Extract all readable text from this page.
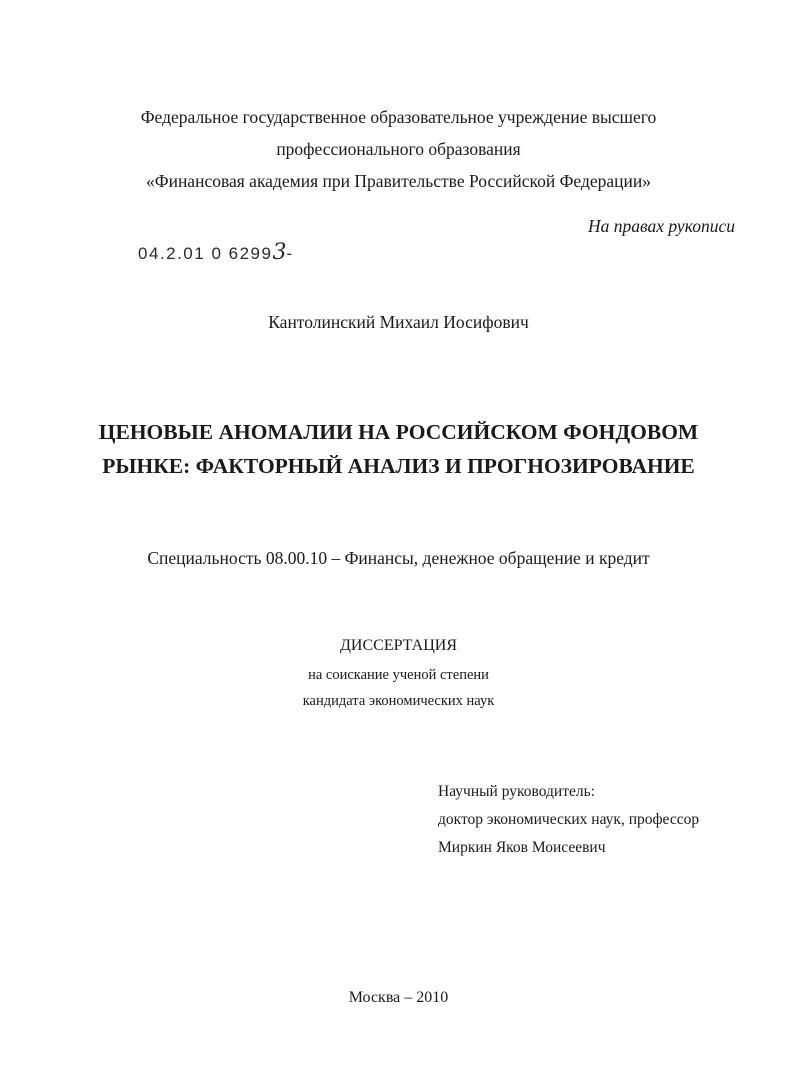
Федеральное государственное образовательное учреждение высшего
профессионального образования
«Финансовая академия при Правительстве Российской Федерации»
На правах рукописи
04.2.01 0 62993-
Кантолинский Михаил Иосифович
ЦЕНОВЫЕ АНОМАЛИИ НА РОССИЙСКОМ ФОНДОВОМ
РЫНКЕ: ФАКТОРНЫЙ АНАЛИЗ И ПРОГНОЗИРОВАНИЕ
Специальность 08.00.10 – Финансы, денежное обращение и кредит
ДИССЕРТАЦИЯ
на соискание ученой степени
кандидата экономических наук
Научный руководитель:
доктор экономических наук, профессор
Миркин Яков Моисеевич
Москва – 2010
